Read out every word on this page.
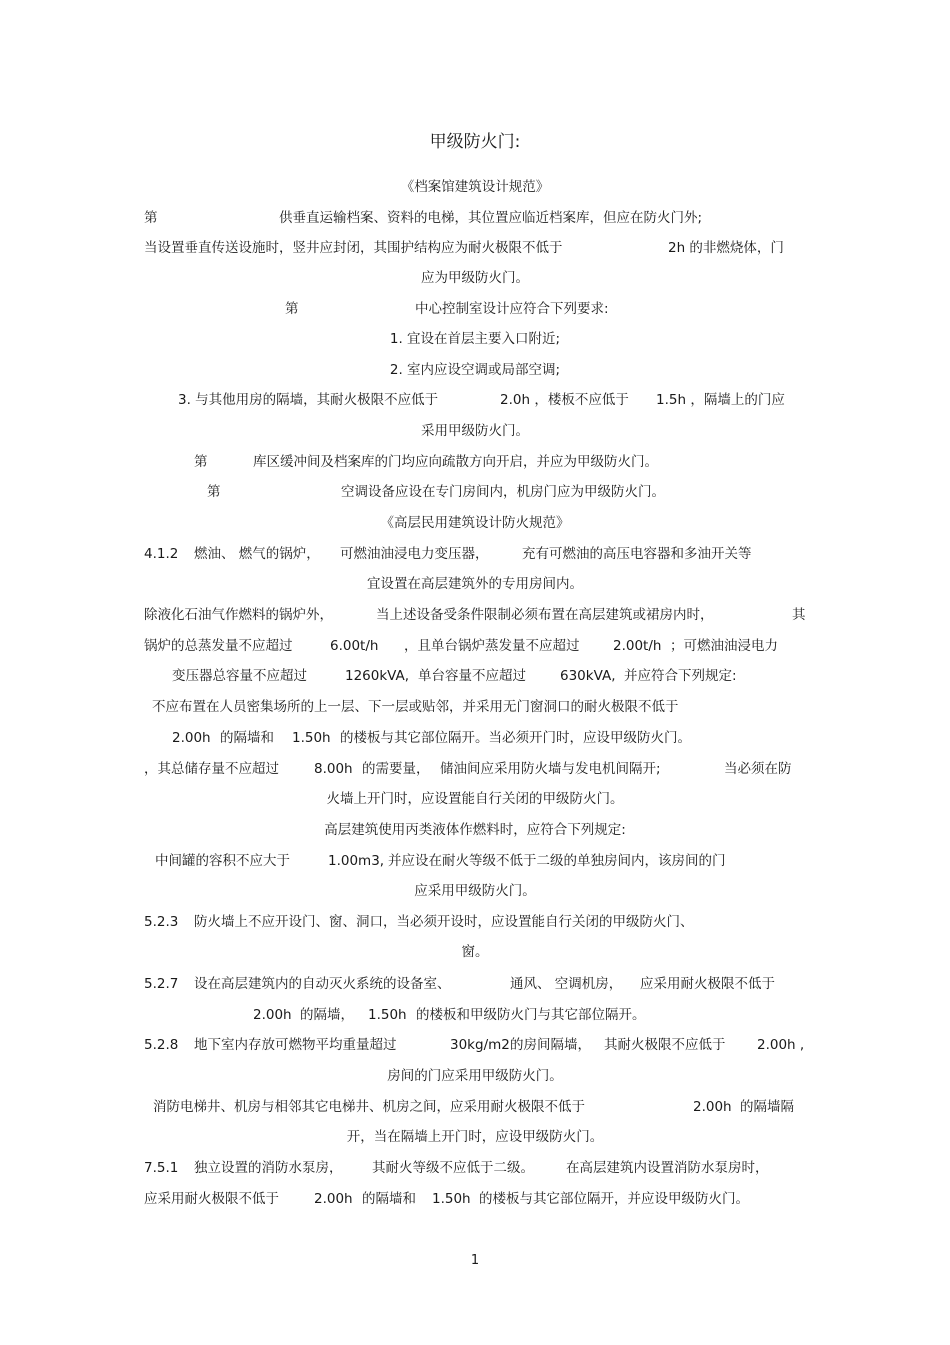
甲级防火门:
《档案馆建筑设计规范》
第	供垂直运输档案、资料的电梯，其位置应临近档案库，但应在防火门外;
当设置垂直传送设施时，竖井应封闭，其围护结构应为耐火极限不低于	2h 的非燃烧体，门
应为甲级防火门。
第	中心控制室设计应符合下列要求:
1. 宜设在首层主要入口附近;
2. 室内应设空调或局部空调;
3. 与其他用房的隔墙，其耐火极限不应低于	2.0h ，楼板不应低于 1.5h ，隔墙上的门应
采用甲级防火门。
第	库区缓冲间及档案库的门均应向疏散方向开启，并应为甲级防火门。
第	空调设备应设在专门房间内，机房门应为甲级防火门。
《高层民用建筑设计防火规范》
4.1.2 燃油、 燃气的锅炉， 可燃油油浸电力变压器， 充有可燃油的高压电容器和多油开关等
宜设置在高层建筑外的专用房间内。
除液化石油气作燃料的锅炉外，	当上述设备受条件限制必须布置在高层建筑或裙房内时，	其
锅炉的总蒸发量不应超过	6.00t/h ，且单台锅炉蒸发量不应超过 2.00t/h ；可燃油油浸电力
变压器总容量不应超过	1260kVA, 单台容量不应超过	630kVA, 并应符合下列规定:
不应布置在人员密集场所的上一层、下一层或贴邻，并采用无门窗洞口的耐火极限不低于
2.00h 的隔墙和 1.50h 的楼板与其它部位隔开。当必须开门时，应设甲级防火门。
，其总储存量不应超过	8.00h 的需要量， 储油间应采用防火墙与发电机间隔开;	当必须在防
火墙上开门时，应设置能自行关闭的甲级防火门。
高层建筑使用丙类液体作燃料时，应符合下列规定:
中间罐的容积不应大于	1.00m3, 并应设在耐火等级不低于二级的单独房间内，该房间的门
应采用甲级防火门。
5.2.3 防火墙上不应开设门、窗、洞口，当必须开设时，应设置能自行关闭的甲级防火门、
窗。
5.2.7 设在高层建筑内的自动灭火系统的设备室、	通风、 空调机房， 应采用耐火极限不低于
2.00h 的隔墙， 1.50h 的楼板和甲级防火门与其它部位隔开。
5.2.8 地下室内存放可燃物平均重量超过	30kg/m2 的房间隔墙， 其耐火极限不应低于 2.00h ,
房间的门应采用甲级防火门。
消防电梯井、机房与相邻其它电梯井、机房之间，应采用耐火极限不低于	2.00h 的隔墙隔
开，当在隔墙上开门时，应设甲级防火门。
7.5.1 独立设置的消防水泵房， 其耐火等级不应低于二级。 在高层建筑内设置消防水泵房时，
应采用耐火极限不低于	2.00h 的隔墙和 1.50h 的楼板与其它部位隔开，并应设甲级防火门。
1
